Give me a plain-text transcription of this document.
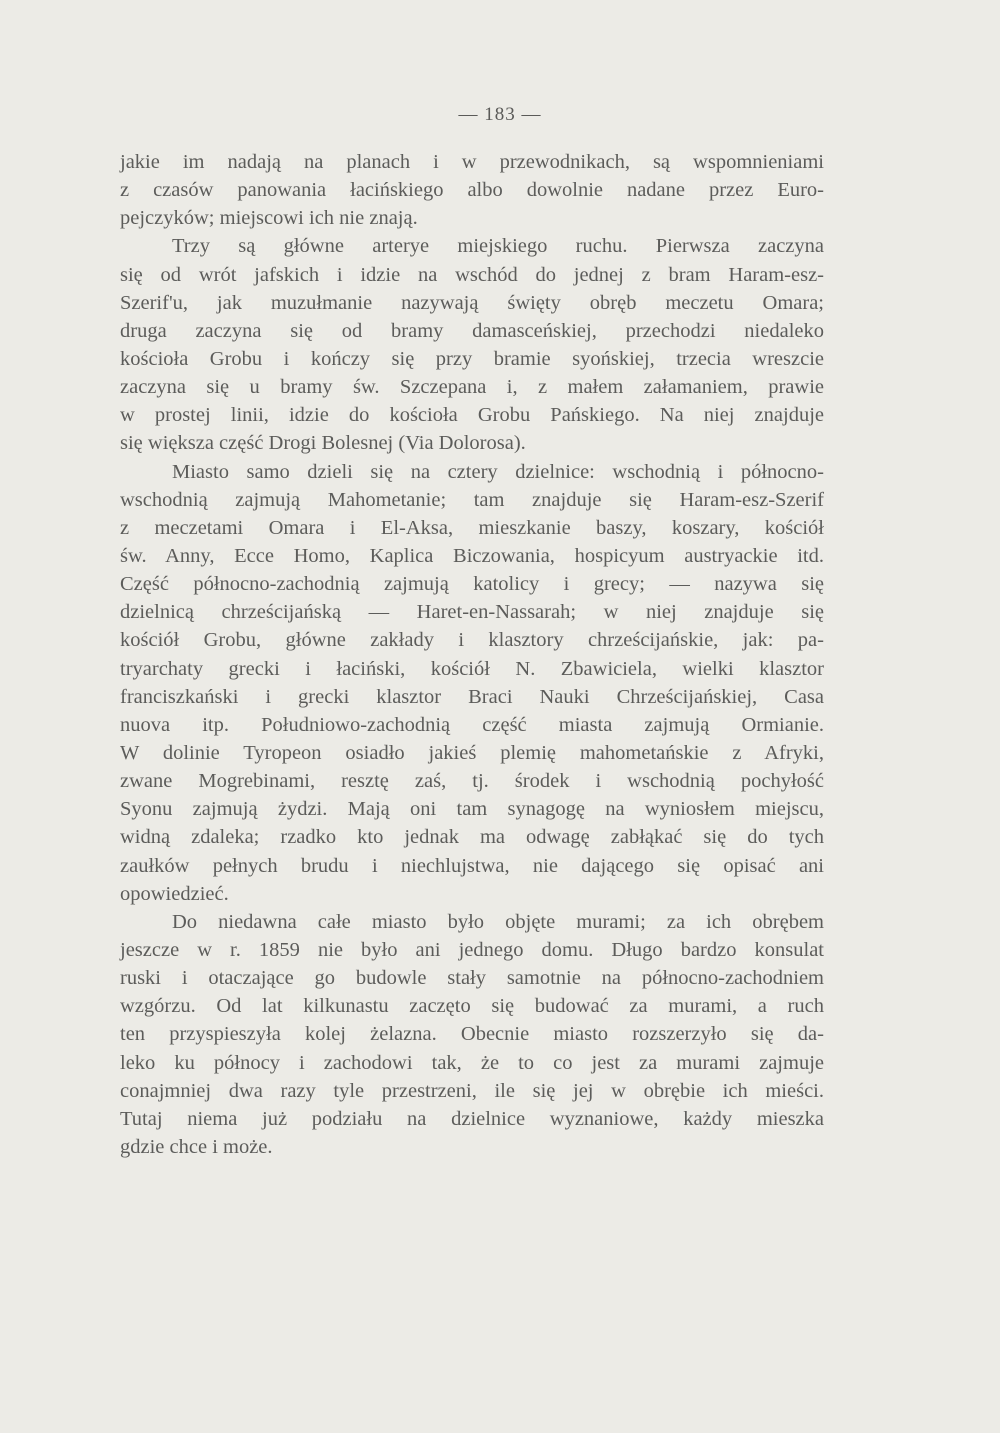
— 183 —
jakie im nadają na planach i w przewodnikach, są wspomnieniami
z czasów panowania łacińskiego albo dowolnie nadane przez Euro-
pejczyków; miejscowi ich nie znają.
Trzy są główne arterye miejskiego ruchu. Pierwsza zaczyna
się od wrót jafskich i idzie na wschód do jednej z bram Haram-esz-
Szerif'u, jak muzułmanie nazywają święty obręb meczetu Omara;
druga zaczyna się od bramy damasceńskiej, przechodzi niedaleko
kościoła Grobu i kończy się przy bramie syońskiej, trzecia wreszcie
zaczyna się u bramy św. Szczepana i, z małem załamaniem, prawie
w prostej linii, idzie do kościoła Grobu Pańskiego. Na niej znajduje
się większa część Drogi Bolesnej (Via Dolorosa).
Miasto samo dzieli się na cztery dzielnice: wschodnią i północno-
wschodnią zajmują Mahometanie; tam znajduje się Haram-esz-Szerif
z meczetami Omara i El-Aksa, mieszkanie baszy, koszary, kościół
św. Anny, Ecce Homo, Kaplica Biczowania, hospicyum austryackie itd.
Część północno-zachodnią zajmują katolicy i grecy; — nazywa się
dzielnicą chrześcijańską — Haret-en-Nassarah; w niej znajduje się
kościół Grobu, główne zakłady i klasztory chrześcijańskie, jak: pa-
tryarchaty grecki i łaciński, kościół N. Zbawiciela, wielki klasztor
franciszkański i grecki klasztor Braci Nauki Chrześcijańskiej, Casa
nuova itp. Południowo-zachodnią część miasta zajmują Ormianie.
W dolinie Tyropeon osiadło jakieś plemię mahometańskie z Afryki,
zwane Mogrebinami, resztę zaś, tj. środek i wschodnią pochyłość
Syonu zajmują żydzi. Mają oni tam synagogę na wyniosłem miejscu,
widną zdaleka; rzadko kto jednak ma odwagę zabłąkać się do tych
zaułków pełnych brudu i niechlujstwa, nie dającego się opisać ani
opowiedzieć.
Do niedawna całe miasto było objęte murami; za ich obrębem
jeszcze w r. 1859 nie było ani jednego domu. Długo bardzo konsulat
ruski i otaczające go budowle stały samotnie na północno-zachodniem
wzgórzu. Od lat kilkunastu zaczęto się budować za murami, a ruch
ten przyspieszyła kolej żelazna. Obecnie miasto rozszerzyło się da-
leko ku północy i zachodowi tak, że to co jest za murami zajmuje
conajmniej dwa razy tyle przestrzeni, ile się jej w obrębie ich mieści.
Tutaj niema już podziału na dzielnice wyznaniowe, każdy mieszka
gdzie chce i może.
